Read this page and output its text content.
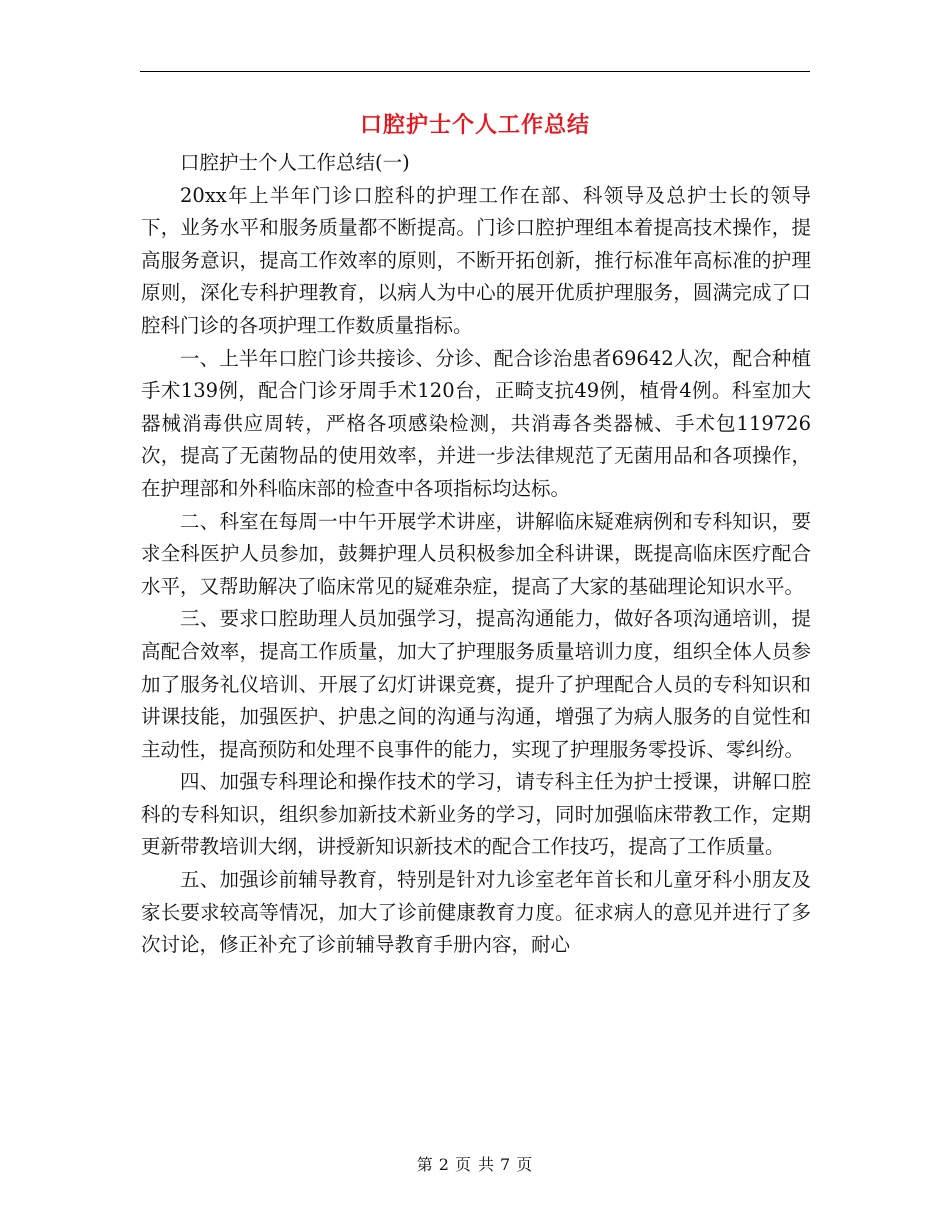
口腔护士个人工作总结

口腔护士个人工作总结(一)

20xx年上半年门诊口腔科的护理工作在部、科领导及总护士长的领导下，业务水平和服务质量都不断提高。门诊口腔护理组本着提高技术操作，提高服务意识，提高工作效率的原则，不断开拓创新，推行标准年高标准的护理原则，深化专科护理教育，以病人为中心的展开优质护理服务，圆满完成了口腔科门诊的各项护理工作数质量指标。

一、上半年口腔门诊共接诊、分诊、配合诊治患者69642人次，配合种植手术139例，配合门诊牙周手术120台，正畸支抗49例，植骨4例。科室加大器械消毒供应周转，严格各项感染检测，共消毒各类器械、手术包119726次，提高了无菌物品的使用效率，并进一步法律规范了无菌用品和各项操作，在护理部和外科临床部的检查中各项指标均达标。

二、科室在每周一中午开展学术讲座，讲解临床疑难病例和专科知识，要求全科医护人员参加，鼓舞护理人员积极参加全科讲课，既提高临床医疗配合水平，又帮助解决了临床常见的疑难杂症，提高了大家的基础理论知识水平。

三、要求口腔助理人员加强学习，提高沟通能力，做好各项沟通培训，提高配合效率，提高工作质量，加大了护理服务质量培训力度，组织全体人员参加了服务礼仪培训、开展了幻灯讲课竞赛，提升了护理配合人员的专科知识和讲课技能，加强医护、护患之间的沟通与沟通，增强了为病人服务的自觉性和主动性，提高预防和处理不良事件的能力，实现了护理服务零投诉、零纠纷。

四、加强专科理论和操作技术的学习，请专科主任为护士授课，讲解口腔科的专科知识，组织参加新技术新业务的学习，同时加强临床带教工作，定期更新带教培训大纲，讲授新知识新技术的配合工作技巧，提高了工作质量。

五、加强诊前辅导教育，特别是针对九诊室老年首长和儿童牙科小朋友及家长要求较高等情况，加大了诊前健康教育力度。征求病人的意见并进行了多次讨论，修正补充了诊前辅导教育手册内容，耐心

第 2 页 共 7 页
